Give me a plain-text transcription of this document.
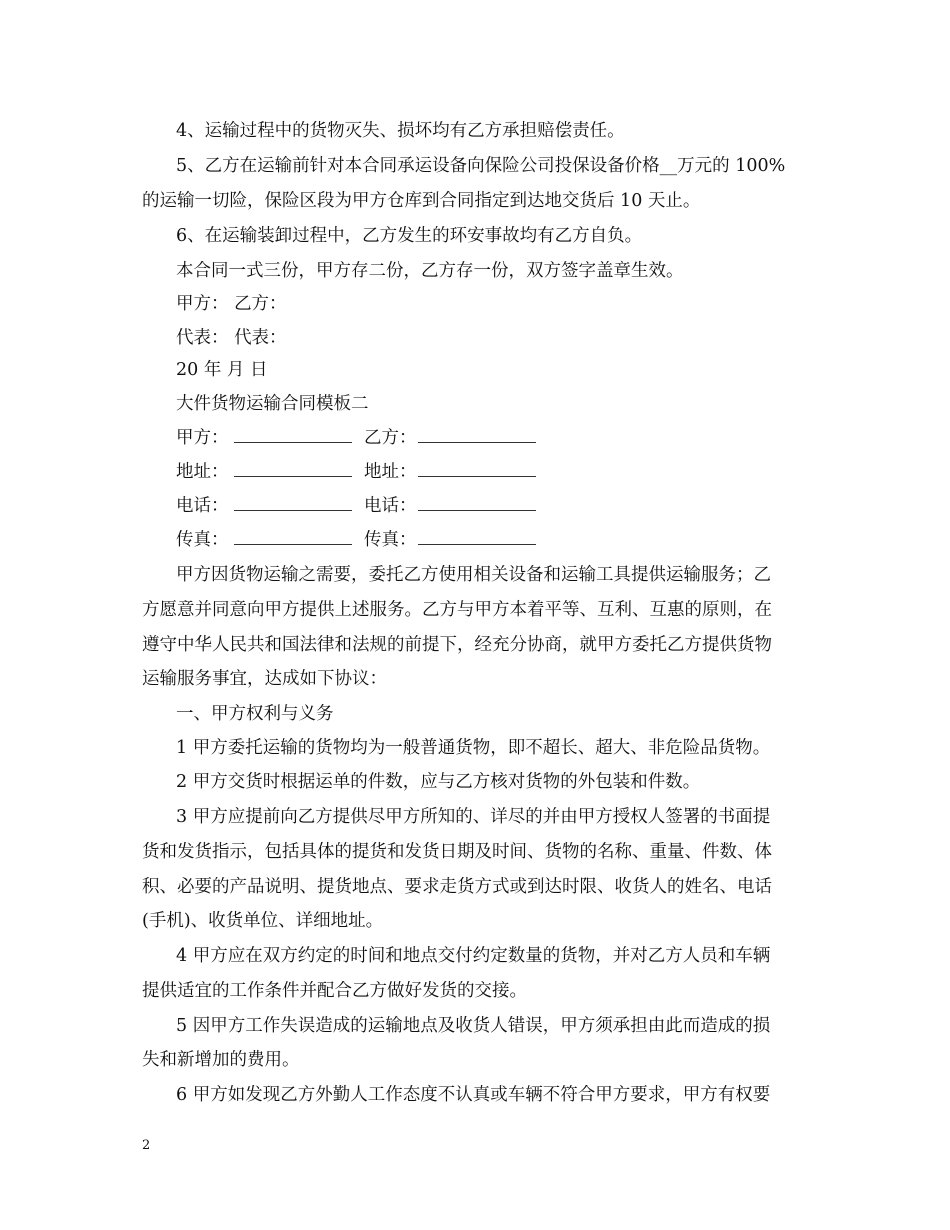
4、运输过程中的货物灭失、损坏均有乙方承担赔偿责任。
5、乙方在运输前针对本合同承运设备向保险公司投保设备价格__万元的 100%
的运输一切险，保险区段为甲方仓库到合同指定到达地交货后 10 天止。
6、在运输装卸过程中，乙方发生的环安事故均有乙方自负。
本合同一式三份，甲方存二份，乙方存一份，双方签字盖章生效。
甲方： 乙方：
代表： 代表：
20 年 月 日
大件货物运输合同模板二
甲方：	乙方：
地址：	地址：
电话：	电话：
传真：	传真：
甲方因货物运输之需要，委托乙方使用相关设备和运输工具提供运输服务；乙
方愿意并同意向甲方提供上述服务。乙方与甲方本着平等、互利、互惠的原则，在
遵守中华人民共和国法律和法规的前提下，经充分协商，就甲方委托乙方提供货物
运输服务事宜，达成如下协议：
一、甲方权利与义务
1 甲方委托运输的货物均为一般普通货物，即不超长、超大、非危险品货物。
2 甲方交货时根据运单的件数，应与乙方核对货物的外包装和件数。
3 甲方应提前向乙方提供尽甲方所知的、详尽的并由甲方授权人签署的书面提
货和发货指示，包括具体的提货和发货日期及时间、货物的名称、重量、件数、体
积、必要的产品说明、提货地点、要求走货方式或到达时限、收货人的姓名、电话
(手机)、收货单位、详细地址。
4 甲方应在双方约定的时间和地点交付约定数量的货物，并对乙方人员和车辆
提供适宜的工作条件并配合乙方做好发货的交接。
5 因甲方工作失误造成的运输地点及收货人错误，甲方须承担由此而造成的损
失和新增加的费用。
6 甲方如发现乙方外勤人工作态度不认真或车辆不符合甲方要求，甲方有权要
2
